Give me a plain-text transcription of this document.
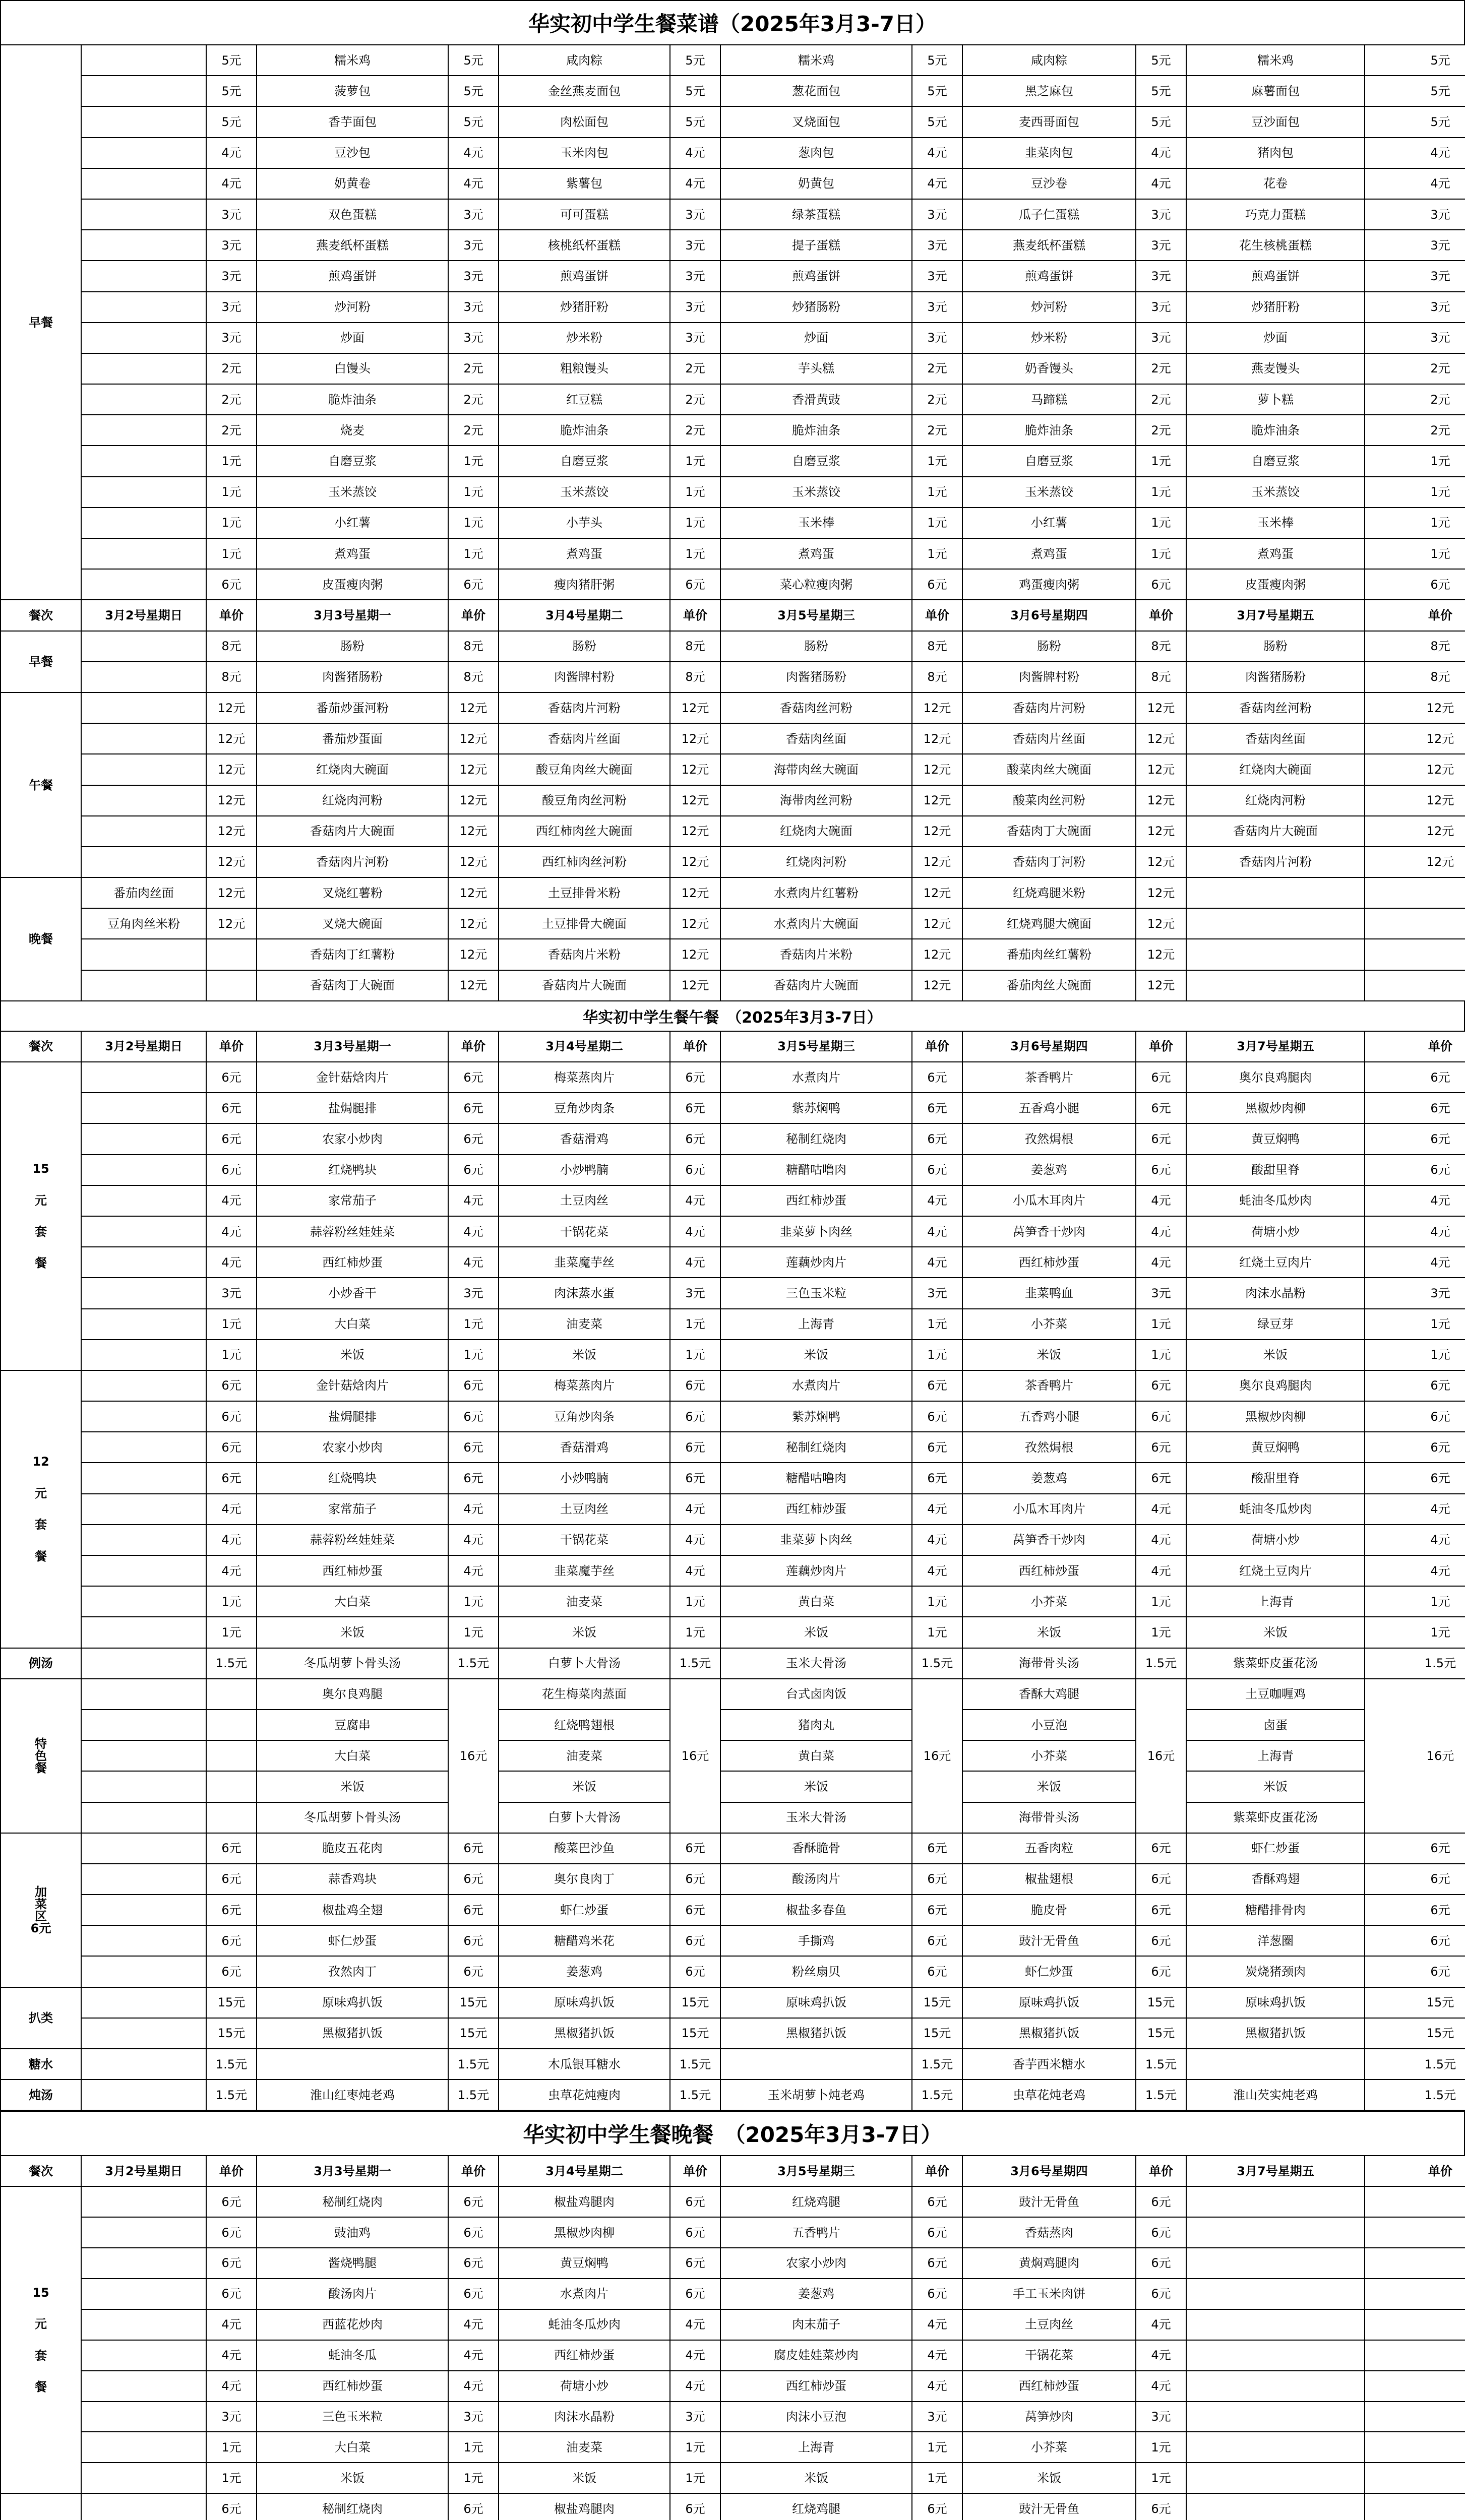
华实初中学生餐菜谱（2025年3月3-7日）
早餐		5元	糯米鸡	5元	咸肉粽	5元	糯米鸡	5元	咸肉粽	5元	糯米鸡	5元
		5元	菠萝包	5元	金丝燕麦面包	5元	葱花面包	5元	黑芝麻包	5元	麻薯面包	5元
		5元	香芋面包	5元	肉松面包	5元	叉烧面包	5元	麦西哥面包	5元	豆沙面包	5元
		4元	豆沙包	4元	玉米肉包	4元	葱肉包	4元	韭菜肉包	4元	猪肉包	4元
		4元	奶黄卷	4元	紫薯包	4元	奶黄包	4元	豆沙卷	4元	花卷	4元
		3元	双色蛋糕	3元	可可蛋糕	3元	绿茶蛋糕	3元	瓜子仁蛋糕	3元	巧克力蛋糕	3元
		3元	燕麦纸杯蛋糕	3元	核桃纸杯蛋糕	3元	提子蛋糕	3元	燕麦纸杯蛋糕	3元	花生核桃蛋糕	3元
		3元	煎鸡蛋饼	3元	煎鸡蛋饼	3元	煎鸡蛋饼	3元	煎鸡蛋饼	3元	煎鸡蛋饼	3元
		3元	炒河粉	3元	炒猪肝粉	3元	炒猪肠粉	3元	炒河粉	3元	炒猪肝粉	3元
		3元	炒面	3元	炒米粉	3元	炒面	3元	炒米粉	3元	炒面	3元
		2元	白馒头	2元	粗粮馒头	2元	芋头糕	2元	奶香馒头	2元	燕麦馒头	2元
		2元	脆炸油条	2元	红豆糕	2元	香滑黄豉	2元	马蹄糕	2元	萝卜糕	2元
		2元	烧麦	2元	脆炸油条	2元	脆炸油条	2元	脆炸油条	2元	脆炸油条	2元
		1元	自磨豆浆	1元	自磨豆浆	1元	自磨豆浆	1元	自磨豆浆	1元	自磨豆浆	1元
		1元	玉米蒸饺	1元	玉米蒸饺	1元	玉米蒸饺	1元	玉米蒸饺	1元	玉米蒸饺	1元
		1元	小红薯	1元	小芋头	1元	玉米棒	1元	小红薯	1元	玉米棒	1元
		1元	煮鸡蛋	1元	煮鸡蛋	1元	煮鸡蛋	1元	煮鸡蛋	1元	煮鸡蛋	1元
		6元	皮蛋瘦肉粥	6元	瘦肉猪肝粥	6元	菜心粒瘦肉粥	6元	鸡蛋瘦肉粥	6元	皮蛋瘦肉粥	6元
餐次	3月2号星期日	单价	3月3号星期一	单价	3月4号星期二	单价	3月5号星期三	单价	3月6号星期四	单价	3月7号星期五	单价

早餐		8元	肠粉	8元	肠粉	8元	肠粉	8元	肠粉	8元	肠粉	8元
		8元	肉酱猪肠粉	8元	肉酱牌村粉	8元	肉酱猪肠粉	8元	肉酱牌村粉	8元	肉酱猪肠粉	8元

午餐		12元	番茄炒蛋河粉	12元	香菇肉片河粉	12元	香菇肉丝河粉	12元	香菇肉片河粉	12元	香菇肉丝河粉	12元
		12元	番茄炒蛋面	12元	香菇肉片丝面	12元	香菇肉丝面	12元	香菇肉片丝面	12元	香菇肉丝面	12元
		12元	红烧肉大碗面	12元	酸豆角肉丝大碗面	12元	海带肉丝大碗面	12元	酸菜肉丝大碗面	12元	红烧肉大碗面	12元
		12元	红烧肉河粉	12元	酸豆角肉丝河粉	12元	海带肉丝河粉	12元	酸菜肉丝河粉	12元	红烧肉河粉	12元
		12元	香菇肉片大碗面	12元	西红柿肉丝大碗面	12元	红烧肉大碗面	12元	香菇肉丁大碗面	12元	香菇肉片大碗面	12元
		12元	香菇肉片河粉	12元	西红柿肉丝河粉	12元	红烧肉河粉	12元	香菇肉丁河粉	12元	香菇肉片河粉	12元

晚餐	番茄肉丝面	12元	叉烧红薯粉	12元	土豆排骨米粉	12元	水煮肉片红薯粉	12元	红烧鸡腿米粉	12元		
	豆角肉丝米粉	12元	叉烧大碗面	12元	土豆排骨大碗面	12元	水煮肉片大碗面	12元	红烧鸡腿大碗面	12元		
			香菇肉丁红薯粉	12元	香菇肉片米粉	12元	香菇肉片米粉	12元	番茄肉丝红薯粉	12元		
			香菇肉丁大碗面	12元	香菇肉片大碗面	12元	香菇肉片大碗面	12元	番茄肉丝大碗面	12元		
华实初中学生餐午餐　（2025年3月3-7日）
餐次	3月2号星期日	单价	3月3号星期一	单价	3月4号星期二	单价	3月5号星期三	单价	3月6号星期四	单价	3月7号星期五	单价

15
元
套
餐		6元	金针菇焓肉片	6元	梅菜蒸肉片	6元	水煮肉片	6元	茶香鸭片	6元	奥尔良鸡腿肉	6元
		6元	盐焗腿排	6元	豆角炒肉条	6元	紫苏焖鸭	6元	五香鸡小腿	6元	黑椒炒肉柳	6元
		6元	农家小炒肉	6元	香菇滑鸡	6元	秘制红烧肉	6元	孜然焗根	6元	黄豆焖鸭	6元
		6元	红烧鸭块	6元	小炒鸭腩	6元	糖醋咕噜肉	6元	姜葱鸡	6元	酸甜里脊	6元
		4元	家常茄子	4元	土豆肉丝	4元	西红柿炒蛋	4元	小瓜木耳肉片	4元	蚝油冬瓜炒肉	4元
		4元	蒜蓉粉丝娃娃菜	4元	干锅花菜	4元	韭菜萝卜肉丝	4元	莴笋香干炒肉	4元	荷塘小炒	4元
		4元	西红柿炒蛋	4元	韭菜魔芋丝	4元	莲藕炒肉片	4元	西红柿炒蛋	4元	红烧土豆肉片	4元
		3元	小炒香干	3元	肉沫蒸水蛋	3元	三色玉米粒	3元	韭菜鸭血	3元	肉沫水晶粉	3元
		1元	大白菜	1元	油麦菜	1元	上海青	1元	小芥菜	1元	绿豆芽	1元
		1元	米饭	1元	米饭	1元	米饭	1元	米饭	1元	米饭	1元

12
元
套
餐		6元	金针菇焓肉片	6元	梅菜蒸肉片	6元	水煮肉片	6元	茶香鸭片	6元	奥尔良鸡腿肉	6元
		6元	盐焗腿排	6元	豆角炒肉条	6元	紫苏焖鸭	6元	五香鸡小腿	6元	黑椒炒肉柳	6元
		6元	农家小炒肉	6元	香菇滑鸡	6元	秘制红烧肉	6元	孜然焗根	6元	黄豆焖鸭	6元
		6元	红烧鸭块	6元	小炒鸭腩	6元	糖醋咕噜肉	6元	姜葱鸡	6元	酸甜里脊	6元
		4元	家常茄子	4元	土豆肉丝	4元	西红柿炒蛋	4元	小瓜木耳肉片	4元	蚝油冬瓜炒肉	4元
		4元	蒜蓉粉丝娃娃菜	4元	干锅花菜	4元	韭菜萝卜肉丝	4元	莴笋香干炒肉	4元	荷塘小炒	4元
		4元	西红柿炒蛋	4元	韭菜魔芋丝	4元	莲藕炒肉片	4元	西红柿炒蛋	4元	红烧土豆肉片	4元
		1元	大白菜	1元	油麦菜	1元	黄白菜	1元	小芥菜	1元	上海青	1元
		1元	米饭	1元	米饭	1元	米饭	1元	米饭	1元	米饭	1元

例汤		1.5元	冬瓜胡萝卜骨头汤	1.5元	白萝卜大骨汤	1.5元	玉米大骨汤	1.5元	海带骨头汤	1.5元	紫菜虾皮蛋花汤	1.5元

特
色
餐			奥尔良鸡腿	16元	花生梅菜肉蒸面	16元	台式卤肉饭	16元	香酥大鸡腿	16元	土豆咖喱鸡	16元
			豆腐串		红烧鸭翅根		猪肉丸		小豆泡		卤蛋	
			大白菜		油麦菜		黄白菜		小芥菜		上海青	
			米饭		米饭		米饭		米饭		米饭	
			冬瓜胡萝卜骨头汤		白萝卜大骨汤		玉米大骨汤		海带骨头汤		紫菜虾皮蛋花汤	

加
菜
区
6元		6元	脆皮五花肉	6元	酸菜巴沙鱼	6元	香酥脆骨	6元	五香肉粒	6元	虾仁炒蛋	6元
		6元	蒜香鸡块	6元	奥尔良肉丁	6元	酸汤肉片	6元	椒盐翅根	6元	香酥鸡翅	6元
		6元	椒盐鸡全翅	6元	虾仁炒蛋	6元	椒盐多春鱼	6元	脆皮骨	6元	糖醋排骨肉	6元
		6元	虾仁炒蛋	6元	糖醋鸡米花	6元	手撕鸡	6元	豉汁无骨鱼	6元	洋葱圈	6元
		6元	孜然肉丁	6元	姜葱鸡	6元	粉丝扇贝	6元	虾仁炒蛋	6元	炭烧猪颈肉	6元

扒类		15元	原味鸡扒饭	15元	原味鸡扒饭	15元	原味鸡扒饭	15元	原味鸡扒饭	15元	原味鸡扒饭	15元
		15元	黑椒猪扒饭	15元	黑椒猪扒饭	15元	黑椒猪扒饭	15元	黑椒猪扒饭	15元	黑椒猪扒饭	15元

糖水		1.5元		1.5元	木瓜银耳糖水	1.5元		1.5元	香芋西米糖水	1.5元		1.5元

炖汤		1.5元	淮山红枣炖老鸡	1.5元	虫草花炖瘦肉	1.5元	玉米胡萝卜炖老鸡	1.5元	虫草花炖老鸡	1.5元	淮山芡实炖老鸡	1.5元
华实初中学生餐晚餐　（2025年3月3-7日）
餐次	3月2号星期日	单价	3月3号星期一	单价	3月4号星期二	单价	3月5号星期三	单价	3月6号星期四	单价	3月7号星期五	单价

15
元
套
餐		6元	秘制红烧肉	6元	椒盐鸡腿肉	6元	红烧鸡腿	6元	豉汁无骨鱼	6元		
		6元	豉油鸡	6元	黑椒炒肉柳	6元	五香鸭片	6元	香菇蒸肉	6元		
		6元	酱烧鸭腿	6元	黄豆焖鸭	6元	农家小炒肉	6元	黄焖鸡腿肉	6元		
		6元	酸汤肉片	6元	水煮肉片	6元	姜葱鸡	6元	手工玉米肉饼	6元		
		4元	西蓝花炒肉	4元	蚝油冬瓜炒肉	4元	肉末茄子	4元	土豆肉丝	4元		
		4元	蚝油冬瓜	4元	西红柿炒蛋	4元	腐皮娃娃菜炒肉	4元	干锅花菜	4元		
		4元	西红柿炒蛋	4元	荷塘小炒	4元	西红柿炒蛋	4元	西红柿炒蛋	4元		
		3元	三色玉米粒	3元	肉沫水晶粉	3元	肉沫小豆泡	3元	莴笋炒肉	3元		
		1元	大白菜	1元	油麦菜	1元	上海青	1元	小芥菜	1元		
		1元	米饭	1元	米饭	1元	米饭	1元	米饭	1元		

		6元	秘制红烧肉	6元	椒盐鸡腿肉	6元	红烧鸡腿	6元	豉汁无骨鱼	6元		
